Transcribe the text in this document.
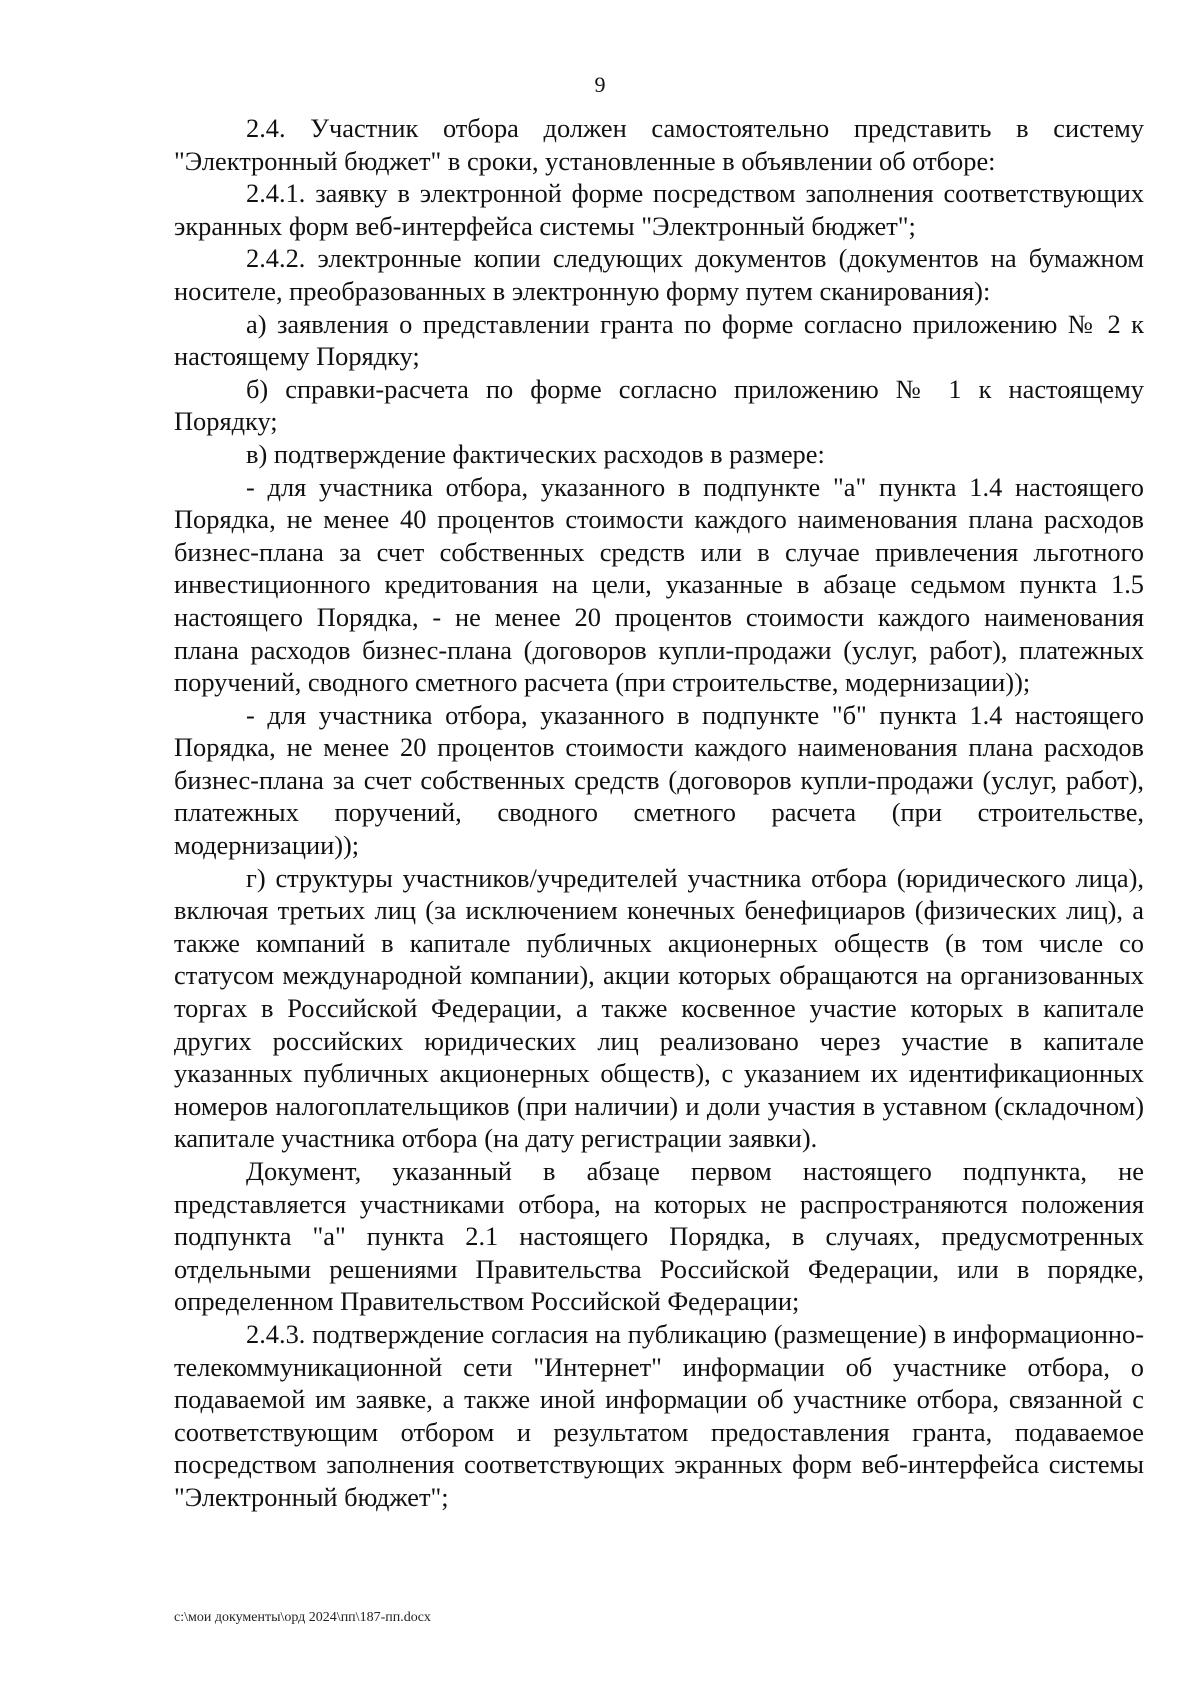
9

2.4. Участник отбора должен самостоятельно представить в систему "Электронный бюджет" в сроки, установленные в объявлении об отборе:

2.4.1. заявку в электронной форме посредством заполнения соответствующих экранных форм веб-интерфейса системы "Электронный бюджет";

2.4.2. электронные копии следующих документов (документов на бумажном носителе, преобразованных в электронную форму путем сканирования):

а) заявления о представлении гранта по форме согласно приложению № 2 к настоящему Порядку;

б) справки-расчета по форме согласно приложению № 1 к настоящему Порядку;

в) подтверждение фактических расходов в размере:

- для участника отбора, указанного в подпункте "а" пункта 1.4 настоящего Порядка, не менее 40 процентов стоимости каждого наименования плана расходов бизнес-плана за счет собственных средств или в случае привлечения льготного инвестиционного кредитования на цели, указанные в абзаце седьмом пункта 1.5 настоящего Порядка, - не менее 20 процентов стоимости каждого наименования плана расходов бизнес-плана (договоров купли-продажи (услуг, работ), платежных поручений, сводного сметного расчета (при строительстве, модернизации));

- для участника отбора, указанного в подпункте "б" пункта 1.4 настоящего Порядка, не менее 20 процентов стоимости каждого наименования плана расходов бизнес-плана за счет собственных средств (договоров купли-продажи (услуг, работ), платежных поручений, сводного сметного расчета (при строительстве, модернизации));

г) структуры участников/учредителей участника отбора (юридического лица), включая третьих лиц (за исключением конечных бенефициаров (физических лиц), а также компаний в капитале публичных акционерных обществ (в том числе со статусом международной компании), акции которых обращаются на организованных торгах в Российской Федерации, а также косвенное участие которых в капитале других российских юридических лиц реализовано через участие в капитале указанных публичных акционерных обществ), с указанием их идентификационных номеров налогоплательщиков (при наличии) и доли участия в уставном (складочном) капитале участника отбора (на дату регистрации заявки).

Документ, указанный в абзаце первом настоящего подпункта, не представляется участниками отбора, на которых не распространяются положения подпункта "а" пункта 2.1 настоящего Порядка, в случаях, предусмотренных отдельными решениями Правительства Российской Федерации, или в порядке, определенном Правительством Российской Федерации;

2.4.3. подтверждение согласия на публикацию (размещение) в информационно-телекоммуникационной сети "Интернет" информации об участнике отбора, о подаваемой им заявке, а также иной информации об участнике отбора, связанной с соответствующим отбором и результатом предоставления гранта, подаваемое посредством заполнения соответствующих экранных форм веб-интерфейса системы "Электронный бюджет";

c:\мои документы\орд 2024\пп\187-пп.docx
